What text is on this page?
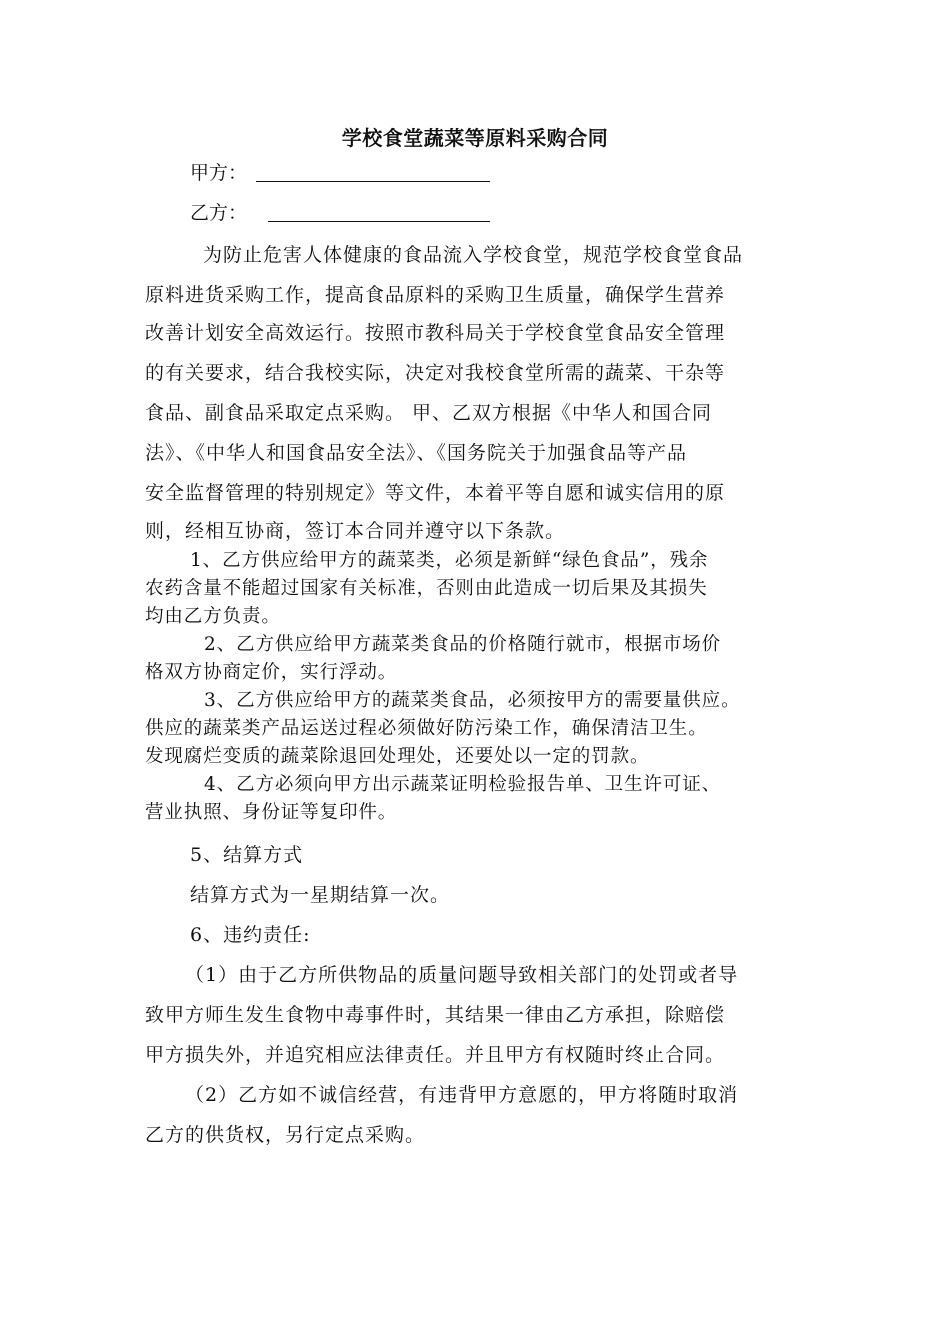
学校食堂蔬菜等原料采购合同
甲方：
乙方：
为防止危害人体健康的食品流入学校食堂，规范学校食堂食品
原料进货采购工作，提高食品原料的采购卫生质量，确保学生营养
改善计划安全高效运行。按照市教科局关于学校食堂食品安全管理
的有关要求，结合我校实际，决定对我校食堂所需的蔬菜、干杂等
食品、副食品采取定点采购。 甲、乙双方根据《中华人和国合同
法》、《中华人和国食品安全法》、《国务院关于加强食品等产品
安全监督管理的特别规定》等文件，本着平等自愿和诚实信用的原
则，经相互协商，签订本合同并遵守以下条款。
1、乙方供应给甲方的蔬菜类，必须是新鲜“绿色食品”，残余
农药含量不能超过国家有关标准，否则由此造成一切后果及其损失
均由乙方负责。
2、乙方供应给甲方蔬菜类食品的价格随行就市，根据市场价
格双方协商定价，实行浮动。
3、乙方供应给甲方的蔬菜类食品，必须按甲方的需要量供应。
供应的蔬菜类产品运送过程必须做好防污染工作，确保清洁卫生。
发现腐烂变质的蔬菜除退回处理处，还要处以一定的罚款。
4、乙方必须向甲方出示蔬菜证明检验报告单、卫生许可证、
营业执照、身份证等复印件。
5、结算方式
结算方式为一星期结算一次。
6、违约责任:
（1）由于乙方所供物品的质量问题导致相关部门的处罚或者导
致甲方师生发生食物中毒事件时，其结果一律由乙方承担，除赔偿
甲方损失外，并追究相应法律责任。并且甲方有权随时终止合同。
（2）乙方如不诚信经营，有违背甲方意愿的，甲方将随时取消
乙方的供货权，另行定点采购。
